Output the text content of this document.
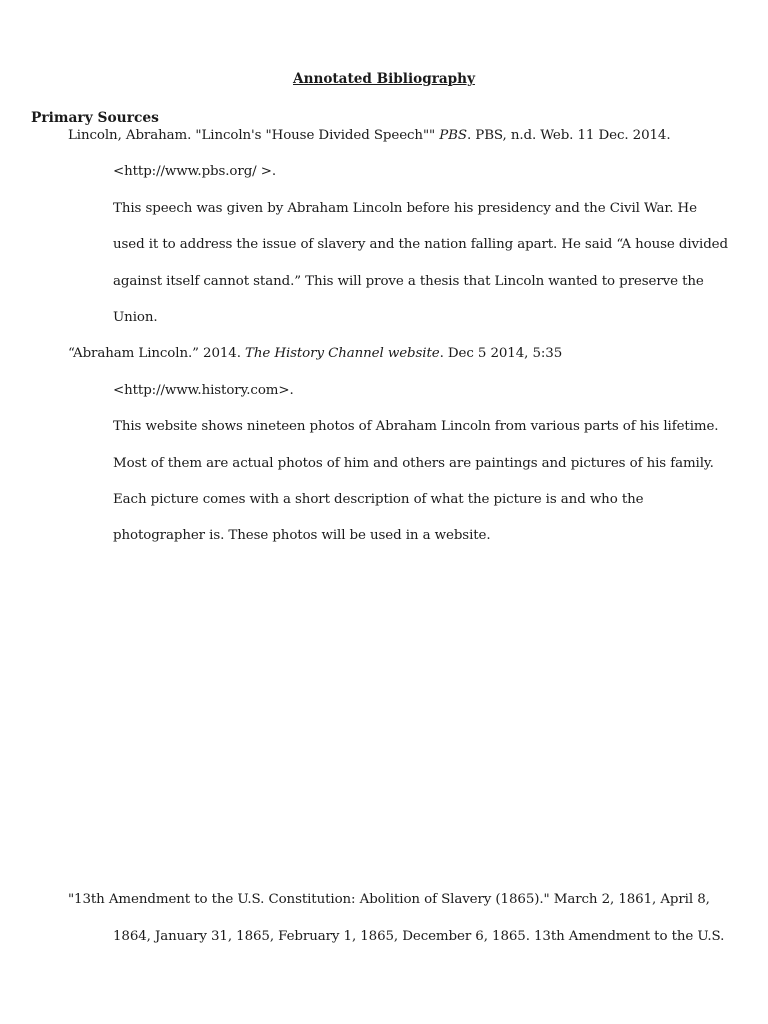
Annotated Bibliography
Primary Sources
Lincoln, Abraham. "Lincoln's "House Divided Speech"" PBS. PBS, n.d. Web. 11 Dec. 2014.
<http://www.pbs.org/ >.
This speech was given by Abraham Lincoln before his presidency and the Civil War. He
used it to address the issue of slavery and the nation falling apart. He said “A house divided
against itself cannot stand.” This will prove a thesis that Lincoln wanted to preserve the
Union.
“Abraham Lincoln.” 2014. The History Channel website. Dec 5 2014, 5:35
<http://www.history.com>.
This website shows nineteen photos of Abraham Lincoln from various parts of his lifetime.
Most of them are actual photos of him and others are paintings and pictures of his family.
Each picture comes with a short description of what the picture is and who the
photographer is. These photos will be used in a website.
"13th Amendment to the U.S. Constitution: Abolition of Slavery (1865)." March 2, 1861, April 8,
1864, January 31, 1865, February 1, 1865, December 6, 1865. 13th Amendment to the U.S.
